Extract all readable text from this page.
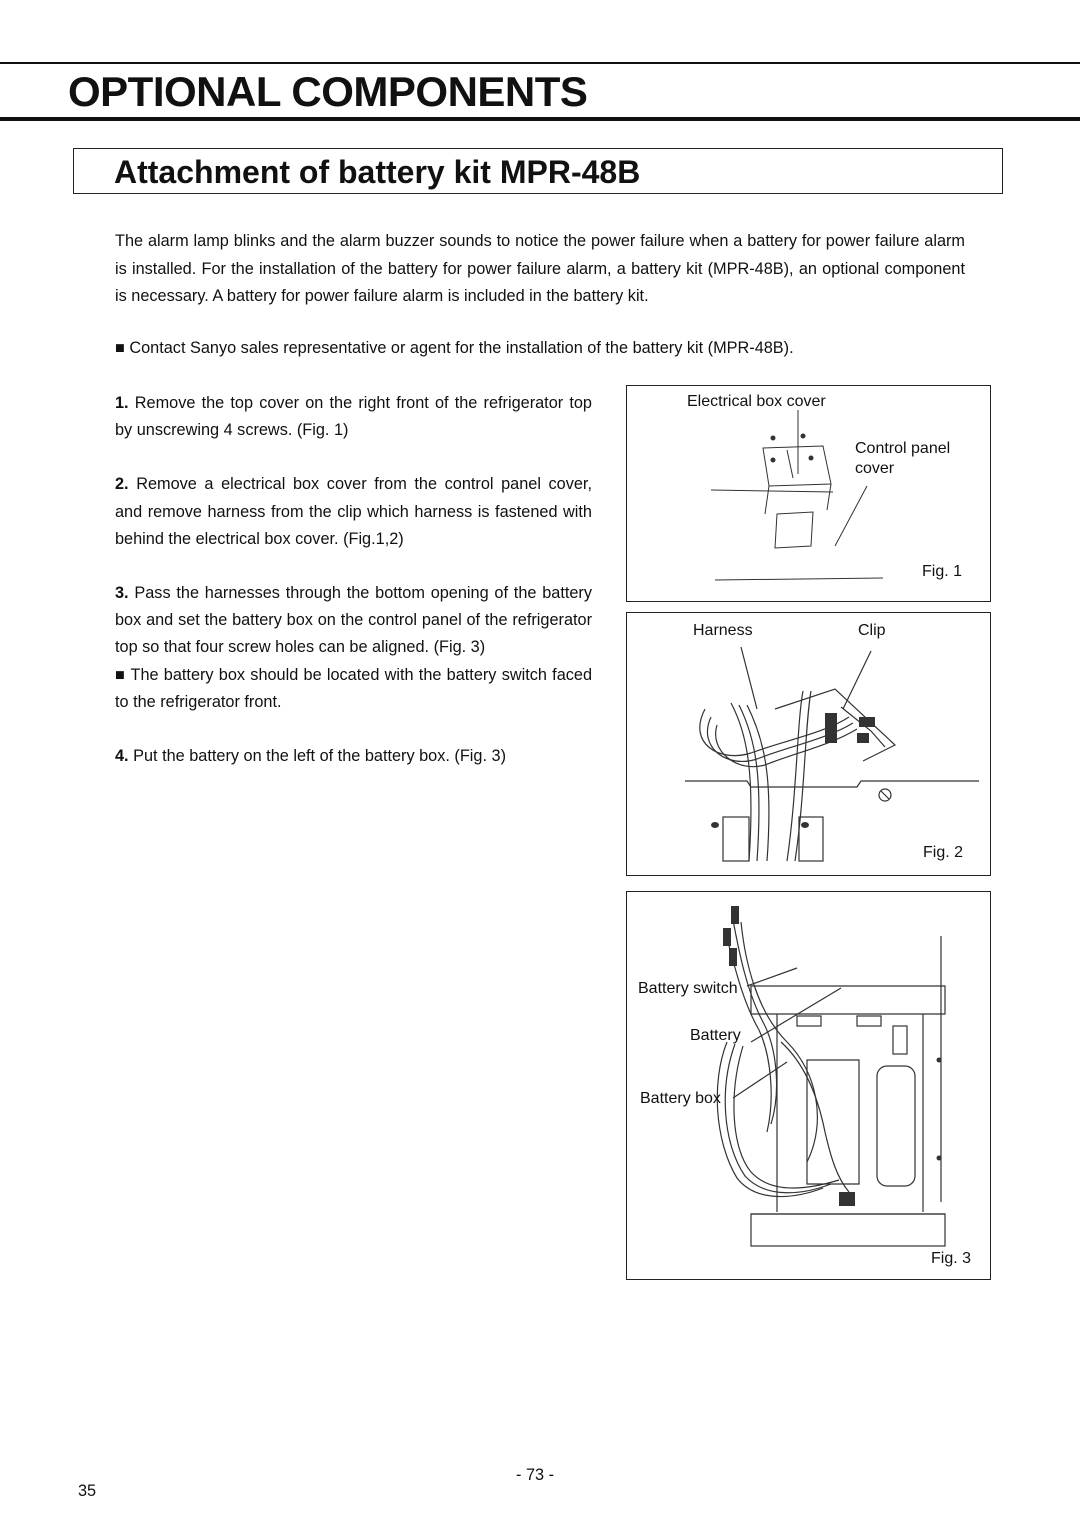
OPTIONAL COMPONENTS
Attachment of battery kit MPR-48B
The alarm lamp blinks and the alarm buzzer sounds to notice the power failure when a battery for power failure alarm is installed. For the installation of the battery for power failure alarm, a battery kit (MPR-48B), an optional component is necessary. A battery for power failure alarm is included in the battery kit.
■ Contact Sanyo sales representative or agent for the installation of the battery kit (MPR-48B).

1. Remove the top cover on the right front of the refrigerator top by unscrewing 4 screws. (Fig. 1)

2. Remove a electrical box cover from the control panel cover, and remove harness from the clip which harness is fastened with behind the electrical box cover. (Fig.1,2)

3. Pass the harnesses through the bottom opening of the battery box and set the battery box on the control panel of the refrigerator top so that four screw holes can be aligned. (Fig. 3)

■ The battery box should be located with the battery switch faced to the refrigerator front.

4. Put the battery on the left of the battery box. (Fig. 3)

Electrical box cover
Control panel
cover
Fig. 1
Harness	Clip
Fig. 2
Battery switch
Battery
Battery box
Fig. 3
- 73 -
35
